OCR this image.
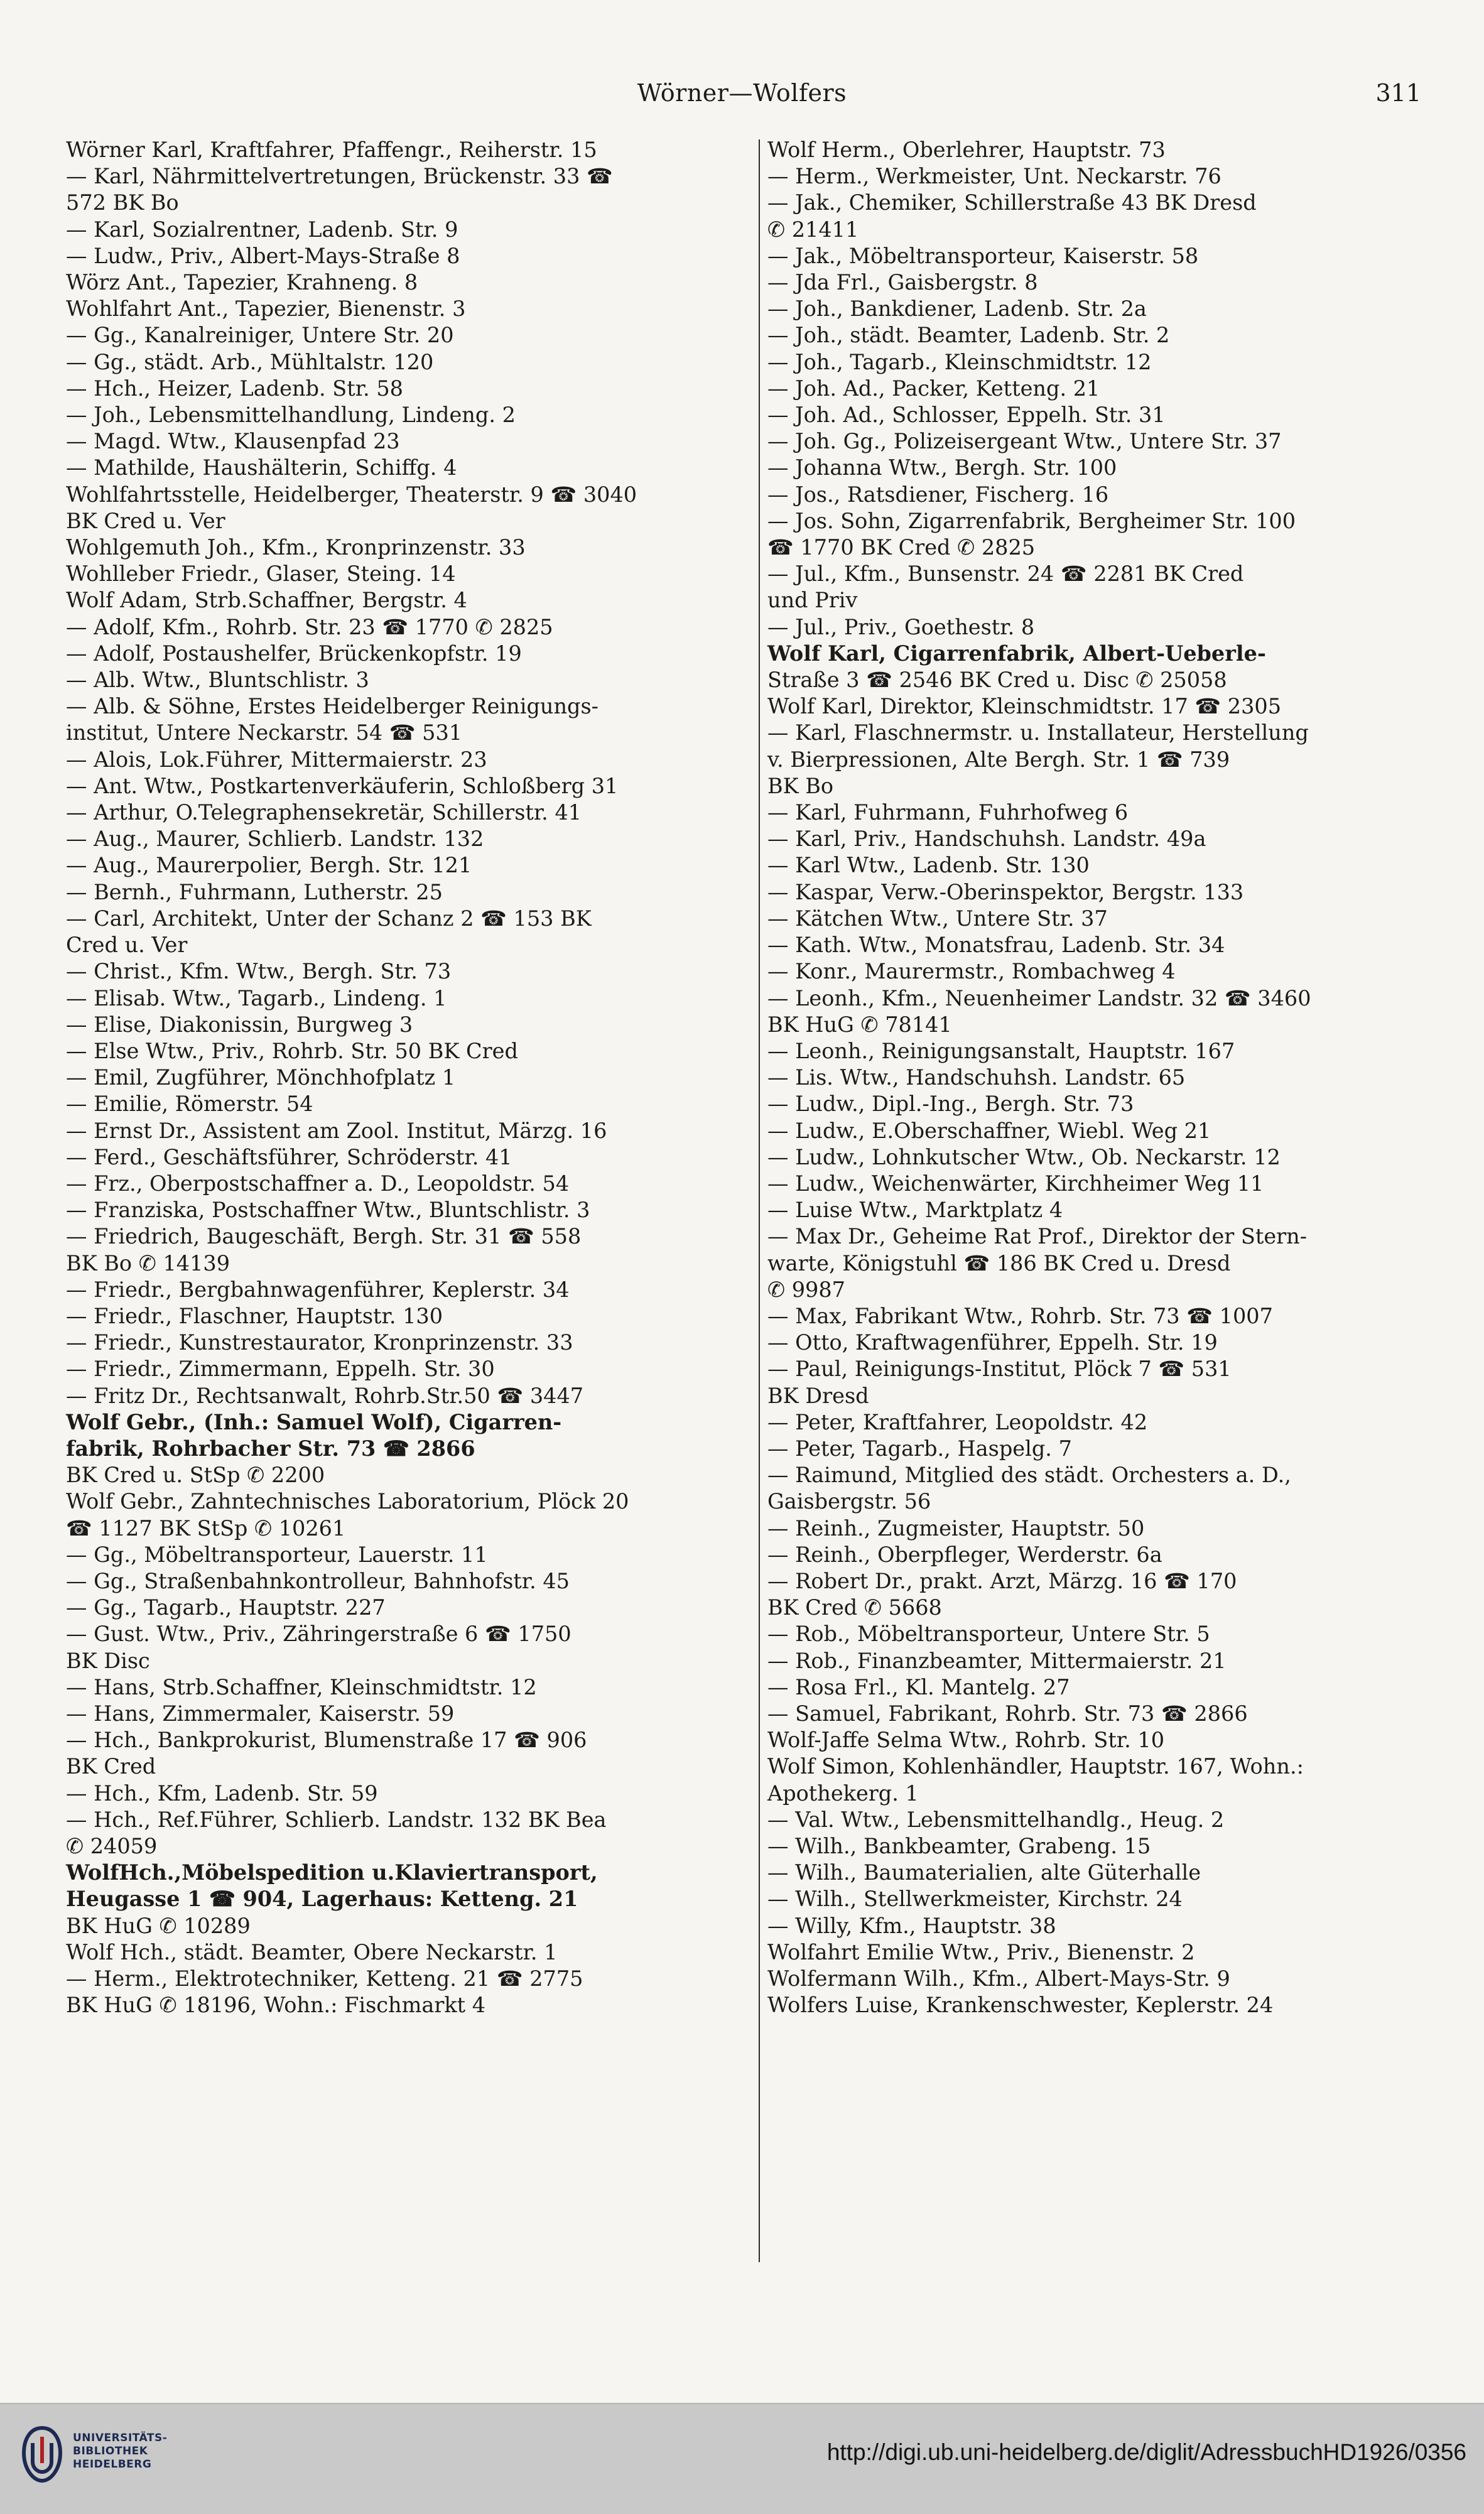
Wörner—Wolfers	311
Wörner Karl, Kraftfahrer, Pfaffengr., Reiherstr. 15
— Karl, Nährmittelvertretungen, Brückenstr. 33 ☎
572 BK Bo
— Karl, Sozialrentner, Ladenb. Str. 9
— Ludw., Priv., Albert-Mays-Straße 8
Wörz Ant., Tapezier, Krahneng. 8
Wohlfahrt Ant., Tapezier, Bienenstr. 3
— Gg., Kanalreiniger, Untere Str. 20
— Gg., städt. Arb., Mühltalstr. 120
— Hch., Heizer, Ladenb. Str. 58
— Joh., Lebensmittelhandlung, Lindeng. 2
— Magd. Wtw., Klausenpfad 23
— Mathilde, Haushälterin, Schiffg. 4
Wohlfahrtsstelle, Heidelberger, Theaterstr. 9 ☎ 3040
BK Cred u. Ver
Wohlgemuth Joh., Kfm., Kronprinzenstr. 33
Wohlleber Friedr., Glaser, Steing. 14
Wolf Adam, Strb.Schaffner, Bergstr. 4
— Adolf, Kfm., Rohrb. Str. 23 ☎ 1770 ✆ 2825
— Adolf, Postaushelfer, Brückenkopfstr. 19
— Alb. Wtw., Bluntschlistr. 3
— Alb. & Söhne, Erstes Heidelberger Reinigungs-
institut, Untere Neckarstr. 54 ☎ 531
— Alois, Lok.Führer, Mittermaierstr. 23
— Ant. Wtw., Postkartenverkäuferin, Schloßberg 31
— Arthur, O.Telegraphensekretär, Schillerstr. 41
— Aug., Maurer, Schlierb. Landstr. 132
— Aug., Maurerpolier, Bergh. Str. 121
— Bernh., Fuhrmann, Lutherstr. 25
— Carl, Architekt, Unter der Schanz 2 ☎ 153 BK
Cred u. Ver
— Christ., Kfm. Wtw., Bergh. Str. 73
— Elisab. Wtw., Tagarb., Lindeng. 1
— Elise, Diakonissin, Burgweg 3
— Else Wtw., Priv., Rohrb. Str. 50 BK Cred
— Emil, Zugführer, Mönchhofplatz 1
— Emilie, Römerstr. 54
— Ernst Dr., Assistent am Zool. Institut, Märzg. 16
— Ferd., Geschäftsführer, Schröderstr. 41
— Frz., Oberpostschaffner a. D., Leopoldstr. 54
— Franziska, Postschaffner Wtw., Bluntschlistr. 3
— Friedrich, Baugeschäft, Bergh. Str. 31 ☎ 558
BK Bo ✆ 14139
— Friedr., Bergbahnwagenführer, Keplerstr. 34
— Friedr., Flaschner, Hauptstr. 130
— Friedr., Kunstrestaurator, Kronprinzenstr. 33
— Friedr., Zimmermann, Eppelh. Str. 30
— Fritz Dr., Rechtsanwalt, Rohrb.Str.50 ☎ 3447
Wolf Gebr., (Inh.: Samuel Wolf), Cigarren-
fabrik, Rohrbacher Str. 73 ☎ 2866
BK Cred u. StSp ✆ 2200
Wolf Gebr., Zahntechnisches Laboratorium, Plöck 20
☎ 1127 BK StSp ✆ 10261
— Gg., Möbeltransporteur, Lauerstr. 11
— Gg., Straßenbahnkontrolleur, Bahnhofstr. 45
— Gg., Tagarb., Hauptstr. 227
— Gust. Wtw., Priv., Zähringerstraße 6 ☎ 1750
BK Disc
— Hans, Strb.Schaffner, Kleinschmidtstr. 12
— Hans, Zimmermaler, Kaiserstr. 59
— Hch., Bankprokurist, Blumenstraße 17 ☎ 906
BK Cred
— Hch., Kfm, Ladenb. Str. 59
— Hch., Ref.Führer, Schlierb. Landstr. 132 BK Bea
✆ 24059
WolfHch.,Möbelspedition u.Klaviertransport,
Heugasse 1 ☎ 904, Lagerhaus: Ketteng. 21
BK HuG ✆ 10289
Wolf Hch., städt. Beamter, Obere Neckarstr. 1
— Herm., Elektrotechniker, Ketteng. 21 ☎ 2775
BK HuG ✆ 18196, Wohn.: Fischmarkt 4
Wolf Herm., Oberlehrer, Hauptstr. 73
— Herm., Werkmeister, Unt. Neckarstr. 76
— Jak., Chemiker, Schillerstraße 43 BK Dresd
✆ 21411
— Jak., Möbeltransporteur, Kaiserstr. 58
— Jda Frl., Gaisbergstr. 8
— Joh., Bankdiener, Ladenb. Str. 2a
— Joh., städt. Beamter, Ladenb. Str. 2
— Joh., Tagarb., Kleinschmidtstr. 12
— Joh. Ad., Packer, Ketteng. 21
— Joh. Ad., Schlosser, Eppelh. Str. 31
— Joh. Gg., Polizeisergeant Wtw., Untere Str. 37
— Johanna Wtw., Bergh. Str. 100
— Jos., Ratsdiener, Fischerg. 16
— Jos. Sohn, Zigarrenfabrik, Bergheimer Str. 100
☎ 1770 BK Cred ✆ 2825
— Jul., Kfm., Bunsenstr. 24 ☎ 2281 BK Cred
und Priv
— Jul., Priv., Goethestr. 8
Wolf Karl, Cigarrenfabrik, Albert-Ueberle-
Straße 3 ☎ 2546 BK Cred u. Disc ✆ 25058
Wolf Karl, Direktor, Kleinschmidtstr. 17 ☎ 2305
— Karl, Flaschnermstr. u. Installateur, Herstellung
v. Bierpressionen, Alte Bergh. Str. 1 ☎ 739
BK Bo
— Karl, Fuhrmann, Fuhrhofweg 6
— Karl, Priv., Handschuhsh. Landstr. 49a
— Karl Wtw., Ladenb. Str. 130
— Kaspar, Verw.-Oberinspektor, Bergstr. 133
— Kätchen Wtw., Untere Str. 37
— Kath. Wtw., Monatsfrau, Ladenb. Str. 34
— Konr., Maurermstr., Rombachweg 4
— Leonh., Kfm., Neuenheimer Landstr. 32 ☎ 3460
BK HuG ✆ 78141
— Leonh., Reinigungsanstalt, Hauptstr. 167
— Lis. Wtw., Handschuhsh. Landstr. 65
— Ludw., Dipl.-Ing., Bergh. Str. 73
— Ludw., E.Oberschaffner, Wiebl. Weg 21
— Ludw., Lohnkutscher Wtw., Ob. Neckarstr. 12
— Ludw., Weichenwärter, Kirchheimer Weg 11
— Luise Wtw., Marktplatz 4
— Max Dr., Geheime Rat Prof., Direktor der Stern-
warte, Königstuhl ☎ 186 BK Cred u. Dresd
✆ 9987
— Max, Fabrikant Wtw., Rohrb. Str. 73 ☎ 1007
— Otto, Kraftwagenführer, Eppelh. Str. 19
— Paul, Reinigungs-Institut, Plöck 7 ☎ 531
BK Dresd
— Peter, Kraftfahrer, Leopoldstr. 42
— Peter, Tagarb., Haspelg. 7
— Raimund, Mitglied des städt. Orchesters a. D.,
Gaisbergstr. 56
— Reinh., Zugmeister, Hauptstr. 50
— Reinh., Oberpfleger, Werderstr. 6a
— Robert Dr., prakt. Arzt, Märzg. 16 ☎ 170
BK Cred ✆ 5668
— Rob., Möbeltransporteur, Untere Str. 5
— Rob., Finanzbeamter, Mittermaierstr. 21
— Rosa Frl., Kl. Mantelg. 27
— Samuel, Fabrikant, Rohrb. Str. 73 ☎ 2866
Wolf-Jaffe Selma Wtw., Rohrb. Str. 10
Wolf Simon, Kohlenhändler, Hauptstr. 167, Wohn.:
Apothekerg. 1
— Val. Wtw., Lebensmittelhandlg., Heug. 2
— Wilh., Bankbeamter, Grabeng. 15
— Wilh., Baumaterialien, alte Güterhalle
— Wilh., Stellwerkmeister, Kirchstr. 24
— Willy, Kfm., Hauptstr. 38
Wolfahrt Emilie Wtw., Priv., Bienenstr. 2
Wolfermann Wilh., Kfm., Albert-Mays-Str. 9
Wolfers Luise, Krankenschwester, Keplerstr. 24
UNIVERSITÄTS-
BIBLIOTHEK
HEIDELBERG	http://digi.ub.uni-heidelberg.de/diglit/AdressbuchHD1926/0356
